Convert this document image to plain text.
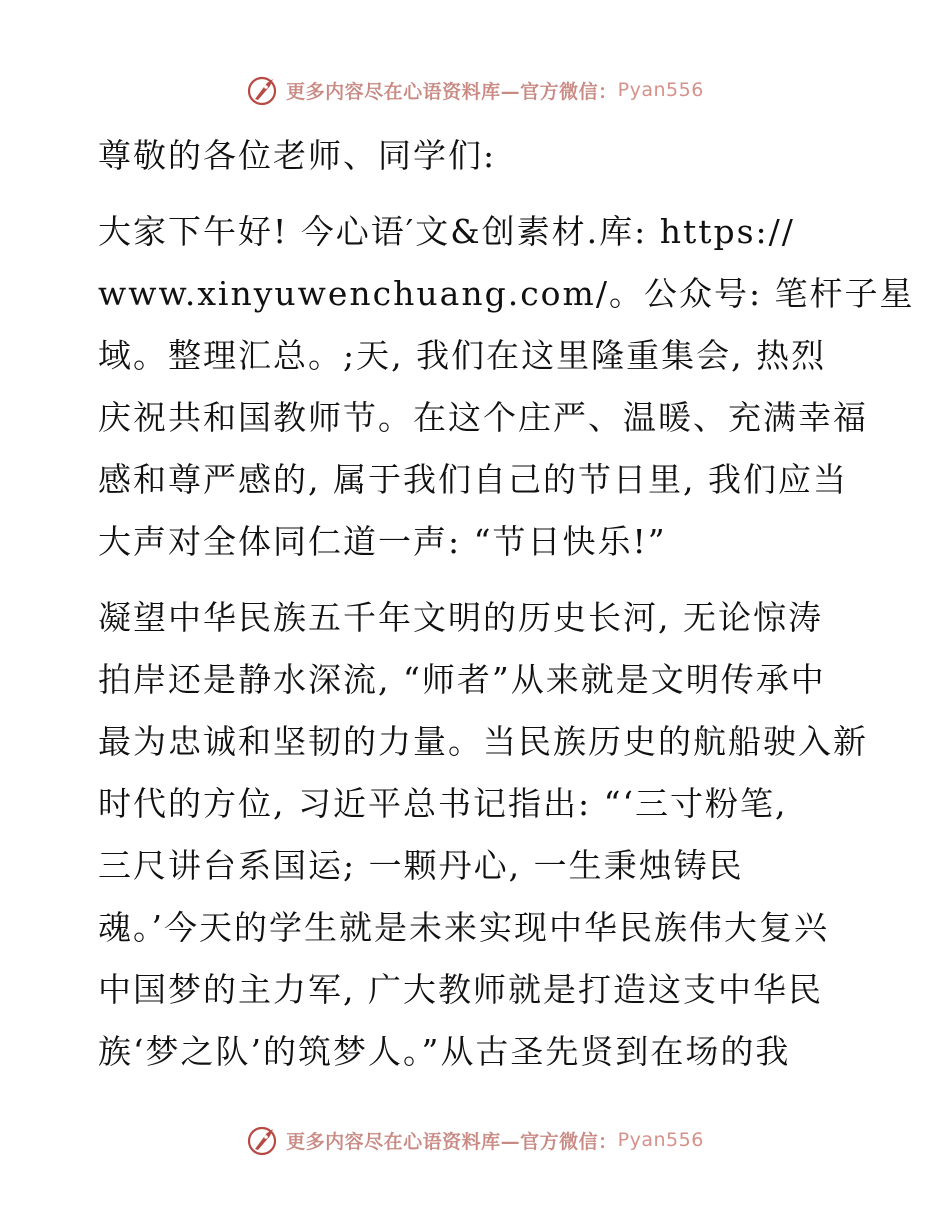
更多内容尽在心语资料库—官方微信： Pyan556

尊敬的各位老师、同学们:

大家下午好! 今心语′文&创素材.库: https://
www.xinyuwenchuang.com/。公众号: 笔杆子星
域。整理汇总。;天, 我们在这里隆重集会, 热烈
庆祝共和国教师节。在这个庄严、温暖、充满幸福
感和尊严感的, 属于我们自己的节日里, 我们应当
大声对全体同仁道一声: “节日快乐!”

凝望中华民族五千年文明的历史长河, 无论惊涛
拍岸还是静水深流, “师者”从来就是文明传承中
最为忠诚和坚韧的力量。当民族历史的航船驶入新
时代的方位, 习近平总书记指出: “‘三寸粉笔,
三尺讲台系国运; 一颗丹心, 一生秉烛铸民
魂。’今天的学生就是未来实现中华民族伟大复兴
中国梦的主力军, 广大教师就是打造这支中华民
族‘梦之队’的筑梦人。”从古圣先贤到在场的我

更多内容尽在心语资料库—官方微信： Pyan556
